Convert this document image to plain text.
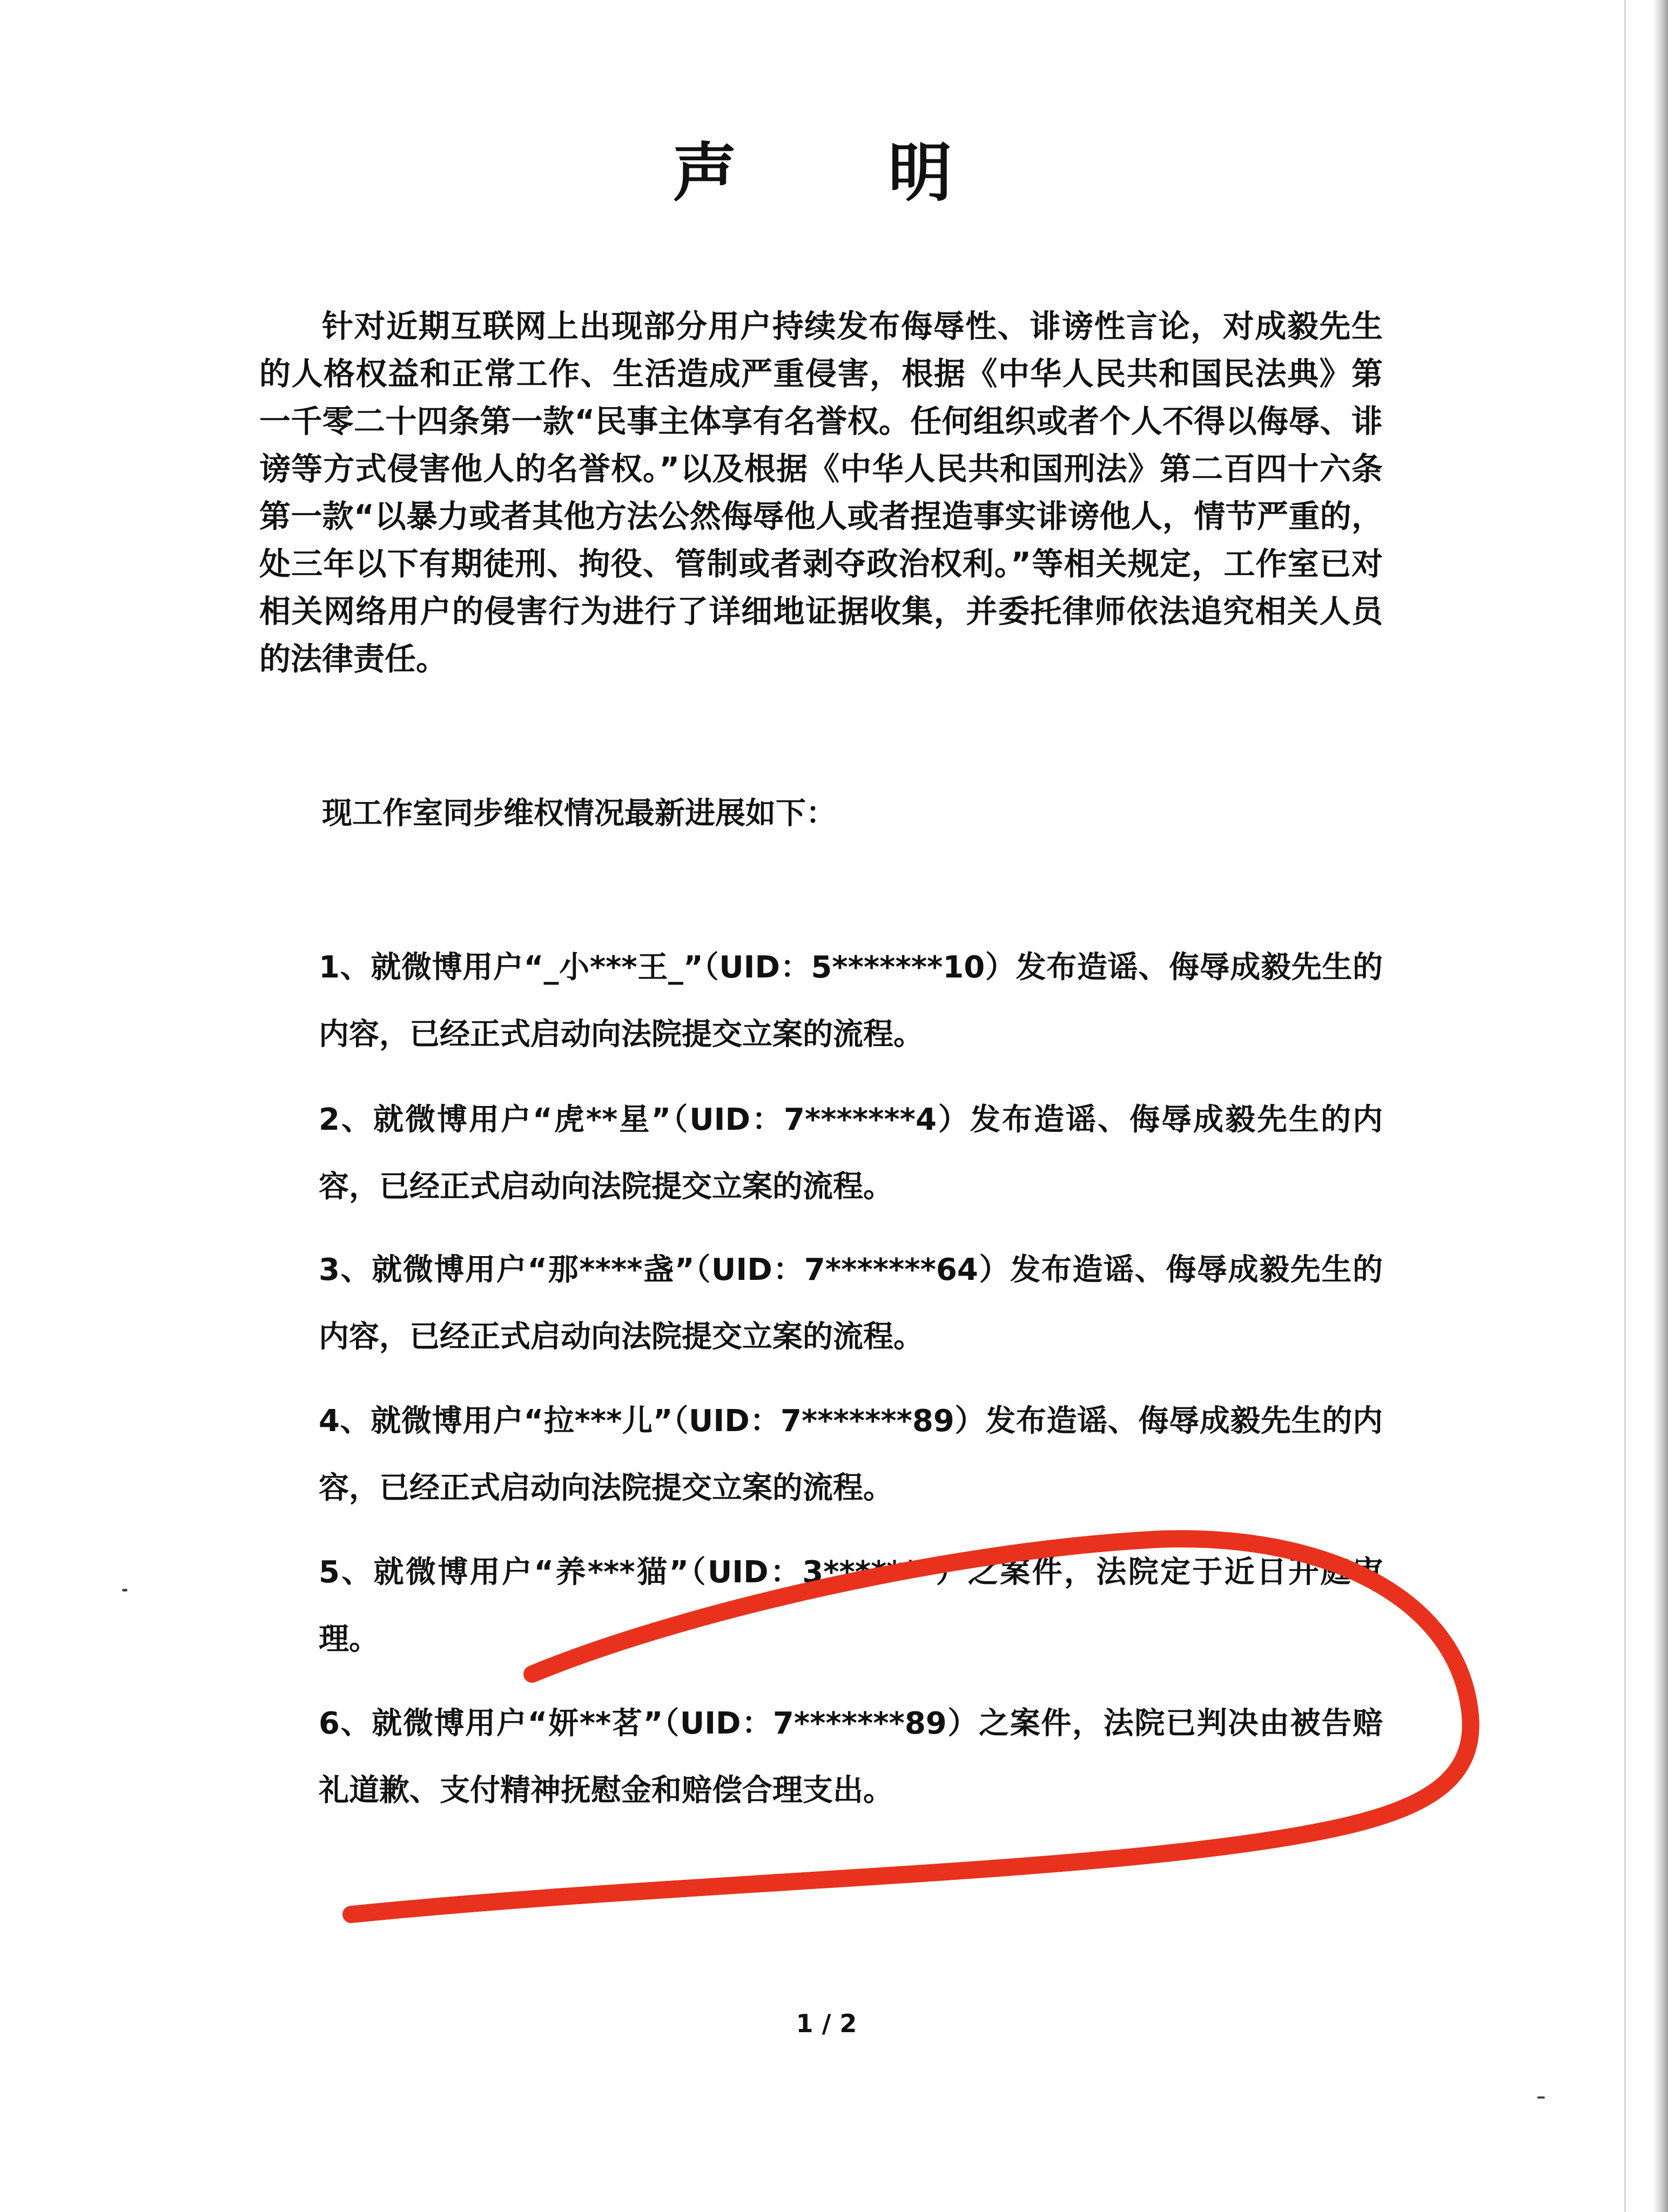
声 明
针对近期互联网上出现部分用户持续发布侮辱性、诽谤性言论，对成毅先生的人格权益和正常工作、生活造成严重侵害，根据《中华人民共和国民法典》第一千零二十四条第一款“民事主体享有名誉权。任何组织或者个人不得以侮辱、诽谤等方式侵害他人的名誉权。”以及根据《中华人民共和国刑法》第二百四十六条第一款“以暴力或者其他方法公然侮辱他人或者捏造事实诽谤他人，情节严重的，处三年以下有期徒刑、拘役、管制或者剥夺政治权利。”等相关规定，工作室已对相关网络用户的侵害行为进行了详细地证据收集，并委托律师依法追究相关人员的法律责任。
现工作室同步维权情况最新进展如下：
1、就微博用户“_小***王_”（UID：5*******10）发布造谣、侮辱成毅先生的内容，已经正式启动向法院提交立案的流程。
2、就微博用户“虎**星”（UID：7*******4）发布造谣、侮辱成毅先生的内容，已经正式启动向法院提交立案的流程。
3、就微博用户“那****盏”（UID：7*******64）发布造谣、侮辱成毅先生的内容，已经正式启动向法院提交立案的流程。
4、就微博用户“拉***儿”（UID：7*******89）发布造谣、侮辱成毅先生的内容，已经正式启动向法院提交立案的流程。
5、就微博用户“养***猫”（UID：3*******）之案件，法院定于近日开庭审理。
6、就微博用户“妍**茗”（UID：7*******89）之案件，法院已判决由被告赔礼道歉、支付精神抚慰金和赔偿合理支出。
1 / 2
